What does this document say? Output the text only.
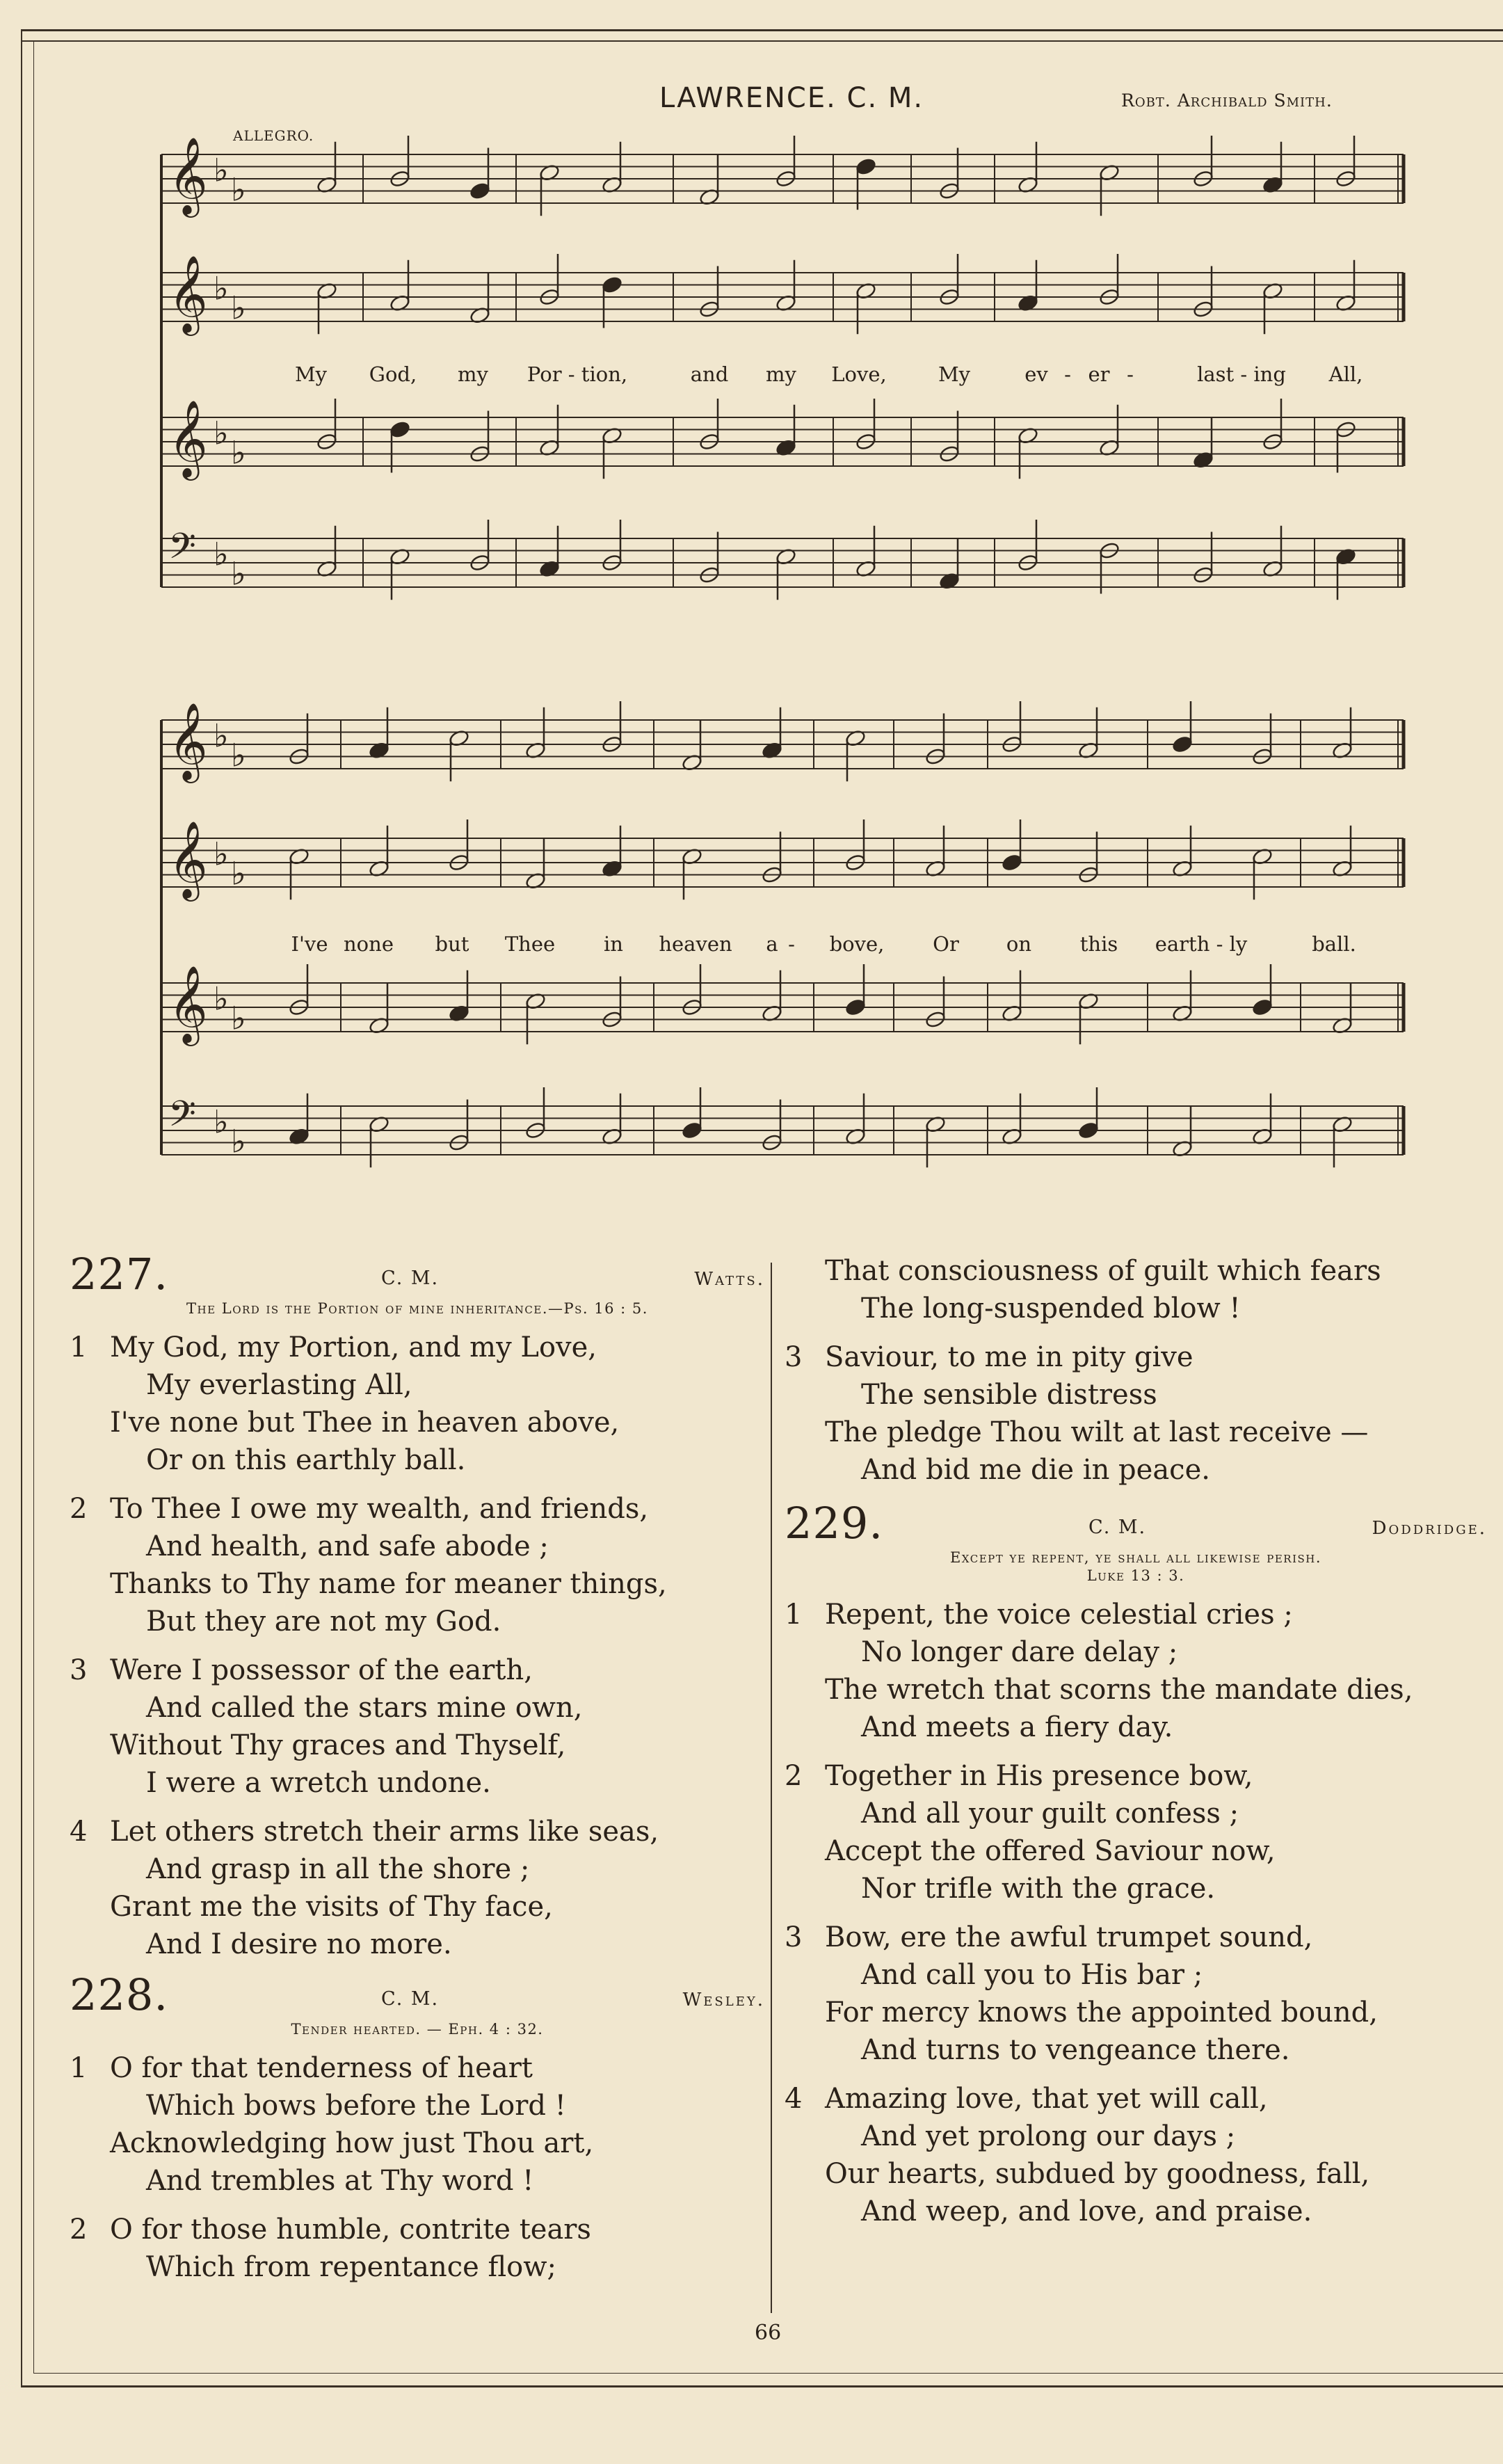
LAWRENCE. C. M.	Robt. Archibald Smith.
ALLEGRO.
𝄞 ♭
♭
𝄞 ♭
♭
𝄞 ♭
♭
𝄢 ♭
♭
𝄞 ♭
♭
𝄞 ♭
♭
𝄞 ♭
♭
𝄢 ♭
♭
My God, my Por - tion,	and my Love,	My	ev - er -	last - ing All,
I've none but Thee in heaven a - bove, Or on this earth - ly	ball.
227.	C. M.	Watts.
The Lord is the Portion of mine inheritance.—Ps. 16 : 5.
1 My God, my Portion, and my Love,
My everlasting All,
I've none but Thee in heaven above,
Or on this earthly ball.
2 To Thee I owe my wealth, and friends,
And health, and safe abode ;
Thanks to Thy name for meaner things,
But they are not my God.
3 Were I possessor of the earth,
And called the stars mine own,
Without Thy graces and Thyself,
I were a wretch undone.
4 Let others stretch their arms like seas,
And grasp in all the shore ;
Grant me the visits of Thy face,
And I desire no more.
228.	C. M.	Wesley.
Tender hearted. — Eph. 4 : 32.
1 O for that tenderness of heart
Which bows before the Lord !
Acknowledging how just Thou art,
And trembles at Thy word !
2 O for those humble, contrite tears
Which from repentance flow;
That consciousness of guilt which fears
The long-suspended blow !
3 Saviour, to me in pity give
The sensible distress
The pledge Thou wilt at last receive —
And bid me die in peace.
229.	C. M.	Doddridge.
Except ye repent, ye shall all likewise perish.
Luke 13 : 3.
1 Repent, the voice celestial cries ;
No longer dare delay ;
The wretch that scorns the mandate dies,
And meets a fiery day.
2 Together in His presence bow,
And all your guilt confess ;
Accept the offered Saviour now,
Nor trifle with the grace.
3 Bow, ere the awful trumpet sound,
And call you to His bar ;
For mercy knows the appointed bound,
And turns to vengeance there.
4 Amazing love, that yet will call,
And yet prolong our days ;
Our hearts, subdued by goodness, fall,
And weep, and love, and praise.
66
